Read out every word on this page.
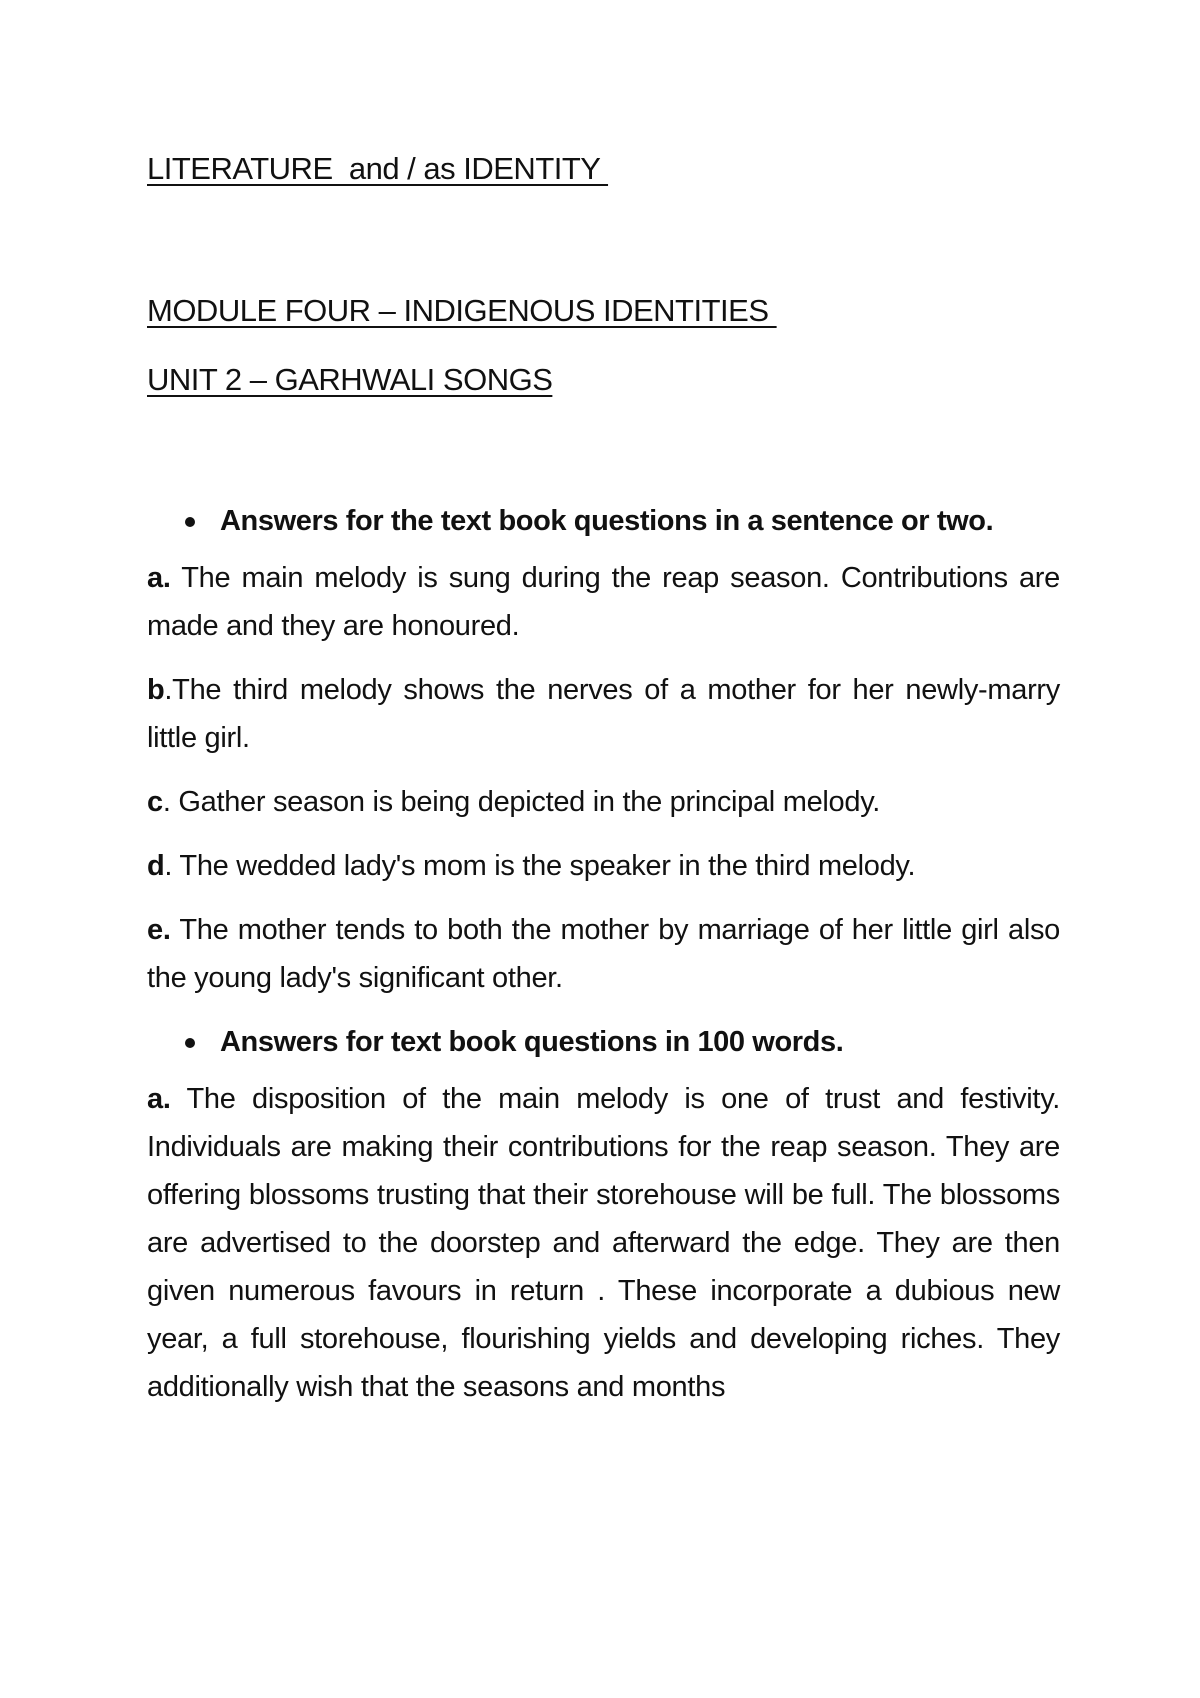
LITERATURE  and / as IDENTITY
MODULE FOUR – INDIGENOUS IDENTITIES
UNIT 2 – GARHWALI SONGS
Answers for the text book questions in a sentence or two.

a. The main melody is sung during the reap season. Contributions are made and they are honoured.

b.The third melody shows the nerves of a mother for her newly-marry little girl.

c. Gather season is being depicted in the principal melody.

d. The wedded lady's mom is the speaker in the third melody.

e. The mother tends to both the mother by marriage of her little girl also the young lady's significant other.

Answers for text book questions in 100 words.

a. The disposition of the main melody is one of trust and festivity. Individuals are making their contributions for the reap season. They are offering blossoms trusting that their storehouse will be full. The blossoms are advertised to the doorstep and afterward the edge. They are then given numerous favours in return . These incorporate a dubious new year, a full storehouse, flourishing yields and developing riches. They additionally wish that the seasons and months
